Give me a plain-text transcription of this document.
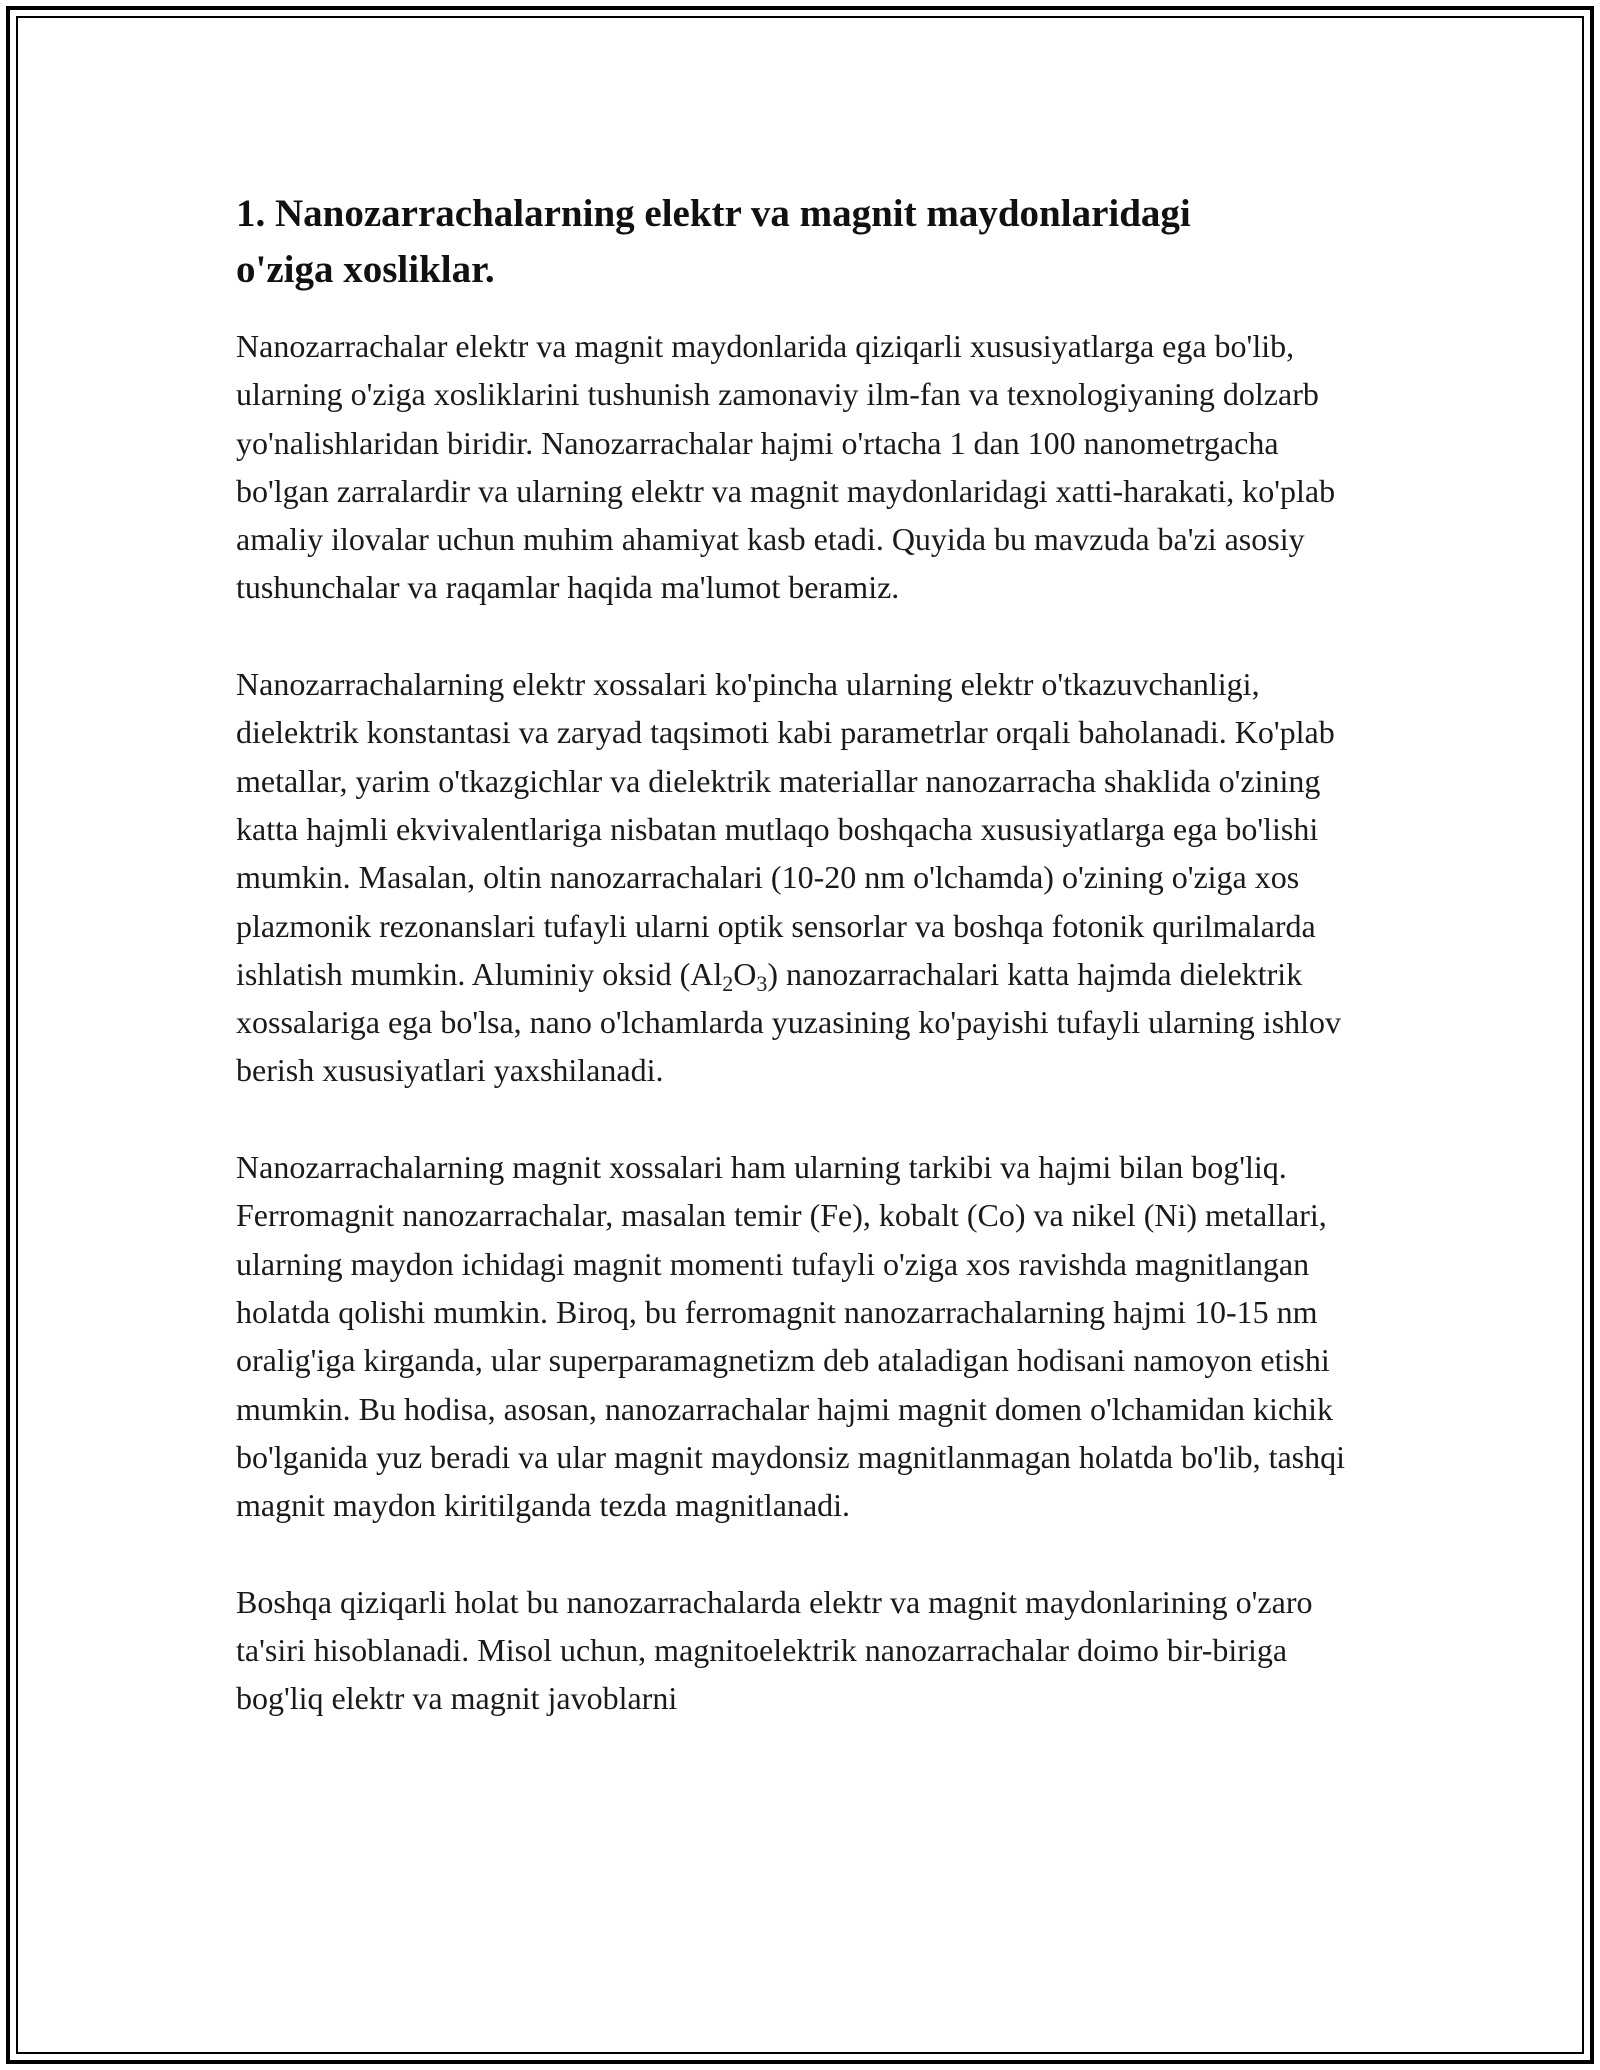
1. Nanozarrachalarning elektr va magnit maydonlaridagi
o'ziga xosliklar.

Nanozarrachalar elektr va magnit maydonlarida qiziqarli xususiyatlarga ega bo'lib, ularning o'ziga xosliklarini tushunish zamonaviy ilm-fan va texnologiyaning dolzarb yo'nalishlaridan biridir. Nanozarrachalar hajmi o'rtacha 1 dan 100 nanometrgacha bo'lgan zarralardir va ularning elektr va magnit maydonlaridagi xatti-harakati, ko'plab amaliy ilovalar uchun muhim ahamiyat kasb etadi. Quyida bu mavzuda ba'zi asosiy tushunchalar va raqamlar haqida ma'lumot beramiz.

Nanozarrachalarning elektr xossalari ko'pincha ularning elektr o'tkazuvchanligi, dielektrik konstantasi va zaryad taqsimoti kabi parametrlar orqali baholanadi. Ko'plab metallar, yarim o'tkazgichlar va dielektrik materiallar nanozarracha shaklida o'zining katta hajmli ekvivalentlariga nisbatan mutlaqo boshqacha xususiyatlarga ega bo'lishi mumkin. Masalan, oltin nanozarrachalari (10-20 nm o'lchamda) o'zining o'ziga xos plazmonik rezonanslari tufayli ularni optik sensorlar va boshqa fotonik qurilmalarda ishlatish mumkin. Aluminiy oksid $(Al_2O_3)$ nanozarrachalari katta hajmda dielektrik xossalariga ega bo'lsa, nano o'lchamlarda yuzasining ko'payishi tufayli ularning ishlov berish xususiyatlari yaxshilanadi.

Nanozarrachalarning magnit xossalari ham ularning tarkibi va hajmi bilan bog'liq. Ferromagnit nanozarrachalar, masalan temir (Fe), kobalt (Co) va nikel (Ni) metallari, ularning maydon ichidagi magnit momenti tufayli o'ziga xos ravishda magnitlangan holatda qolishi mumkin. Biroq, bu ferromagnit nanozarrachalarning hajmi 10-15 nm oralig'iga kirganda, ular superparamagnetizm deb ataladigan hodisani namoyon etishi mumkin. Bu hodisa, asosan, nanozarrachalar hajmi magnit domen o'lchamidan kichik bo'lganida yuz beradi va ular magnit maydonsiz magnitlanmagan holatda bo'lib, tashqi magnit maydon kiritilganda tezda magnitlanadi.

Boshqa qiziqarli holat bu nanozarrachalarda elektr va magnit maydonlarining o'zaro ta'siri hisoblanadi. Misol uchun, magnitoelektrik nanozarrachalar doimo bir-biriga bog'liq elektr va magnit javoblarni
